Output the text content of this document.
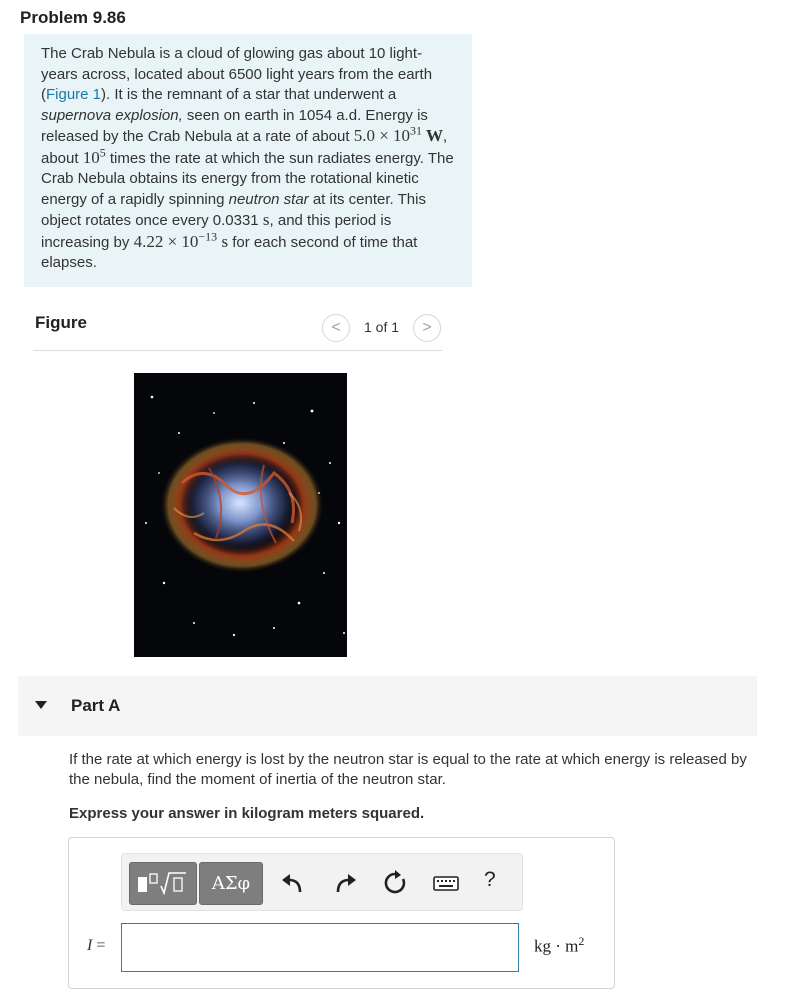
Problem 9.86

The Crab Nebula is a cloud of glowing gas about 10 light-years across, located about 6500 light years from the earth (Figure 1). It is the remnant of a star that underwent a supernova explosion, seen on earth in 1054 a.d. Energy is released by the Crab Nebula at a rate of about $5.0 \times 10^{31}$ W, about $10^5$ times the rate at which the sun radiates energy. The Crab Nebula obtains its energy from the rotational kinetic energy of a rapidly spinning neutron star at its center. This object rotates once every 0.0331 s, and this period is increasing by $4.22 \times 10^{-13}$ s for each second of time that elapses.

Figure	<	1 of 1	>
Part A
If the rate at which energy is lost by the neutron star is equal to the rate at which energy is released by the nebula, find the moment of inertia of the neutron star.
Express your answer in kilogram meters squared.
ΑΣφ	?
I =	kg · $m^2$
